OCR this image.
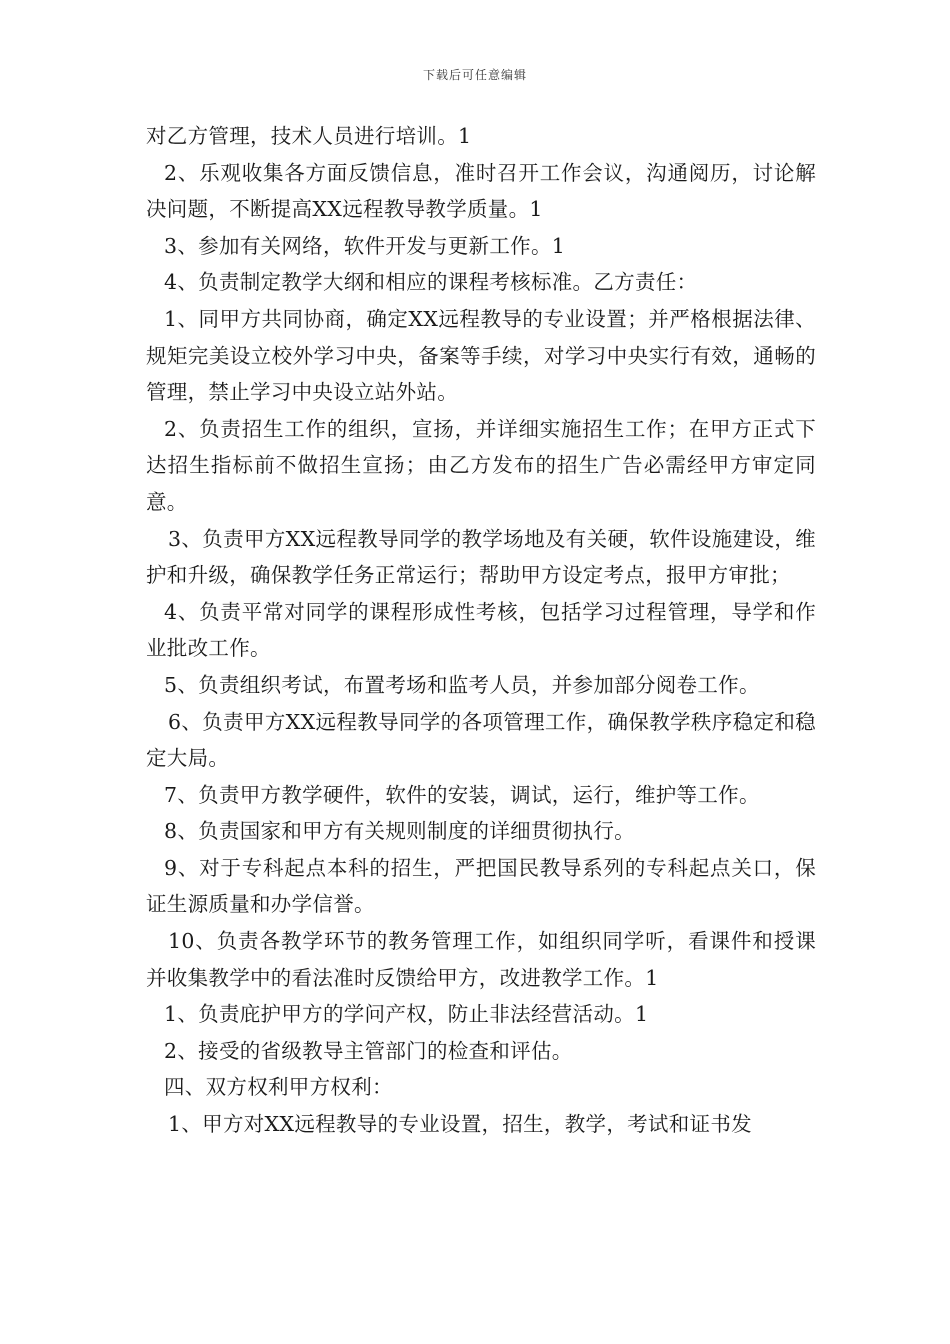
下载后可任意编辑

对乙方管理，技术人员进行培训。1

2、乐观收集各方面反馈信息，准时召开工作会议，沟通阅历，讨论解决问题，不断提高XX远程教导教学质量。1

3、参加有关网络，软件开发与更新工作。1

4、负责制定教学大纲和相应的课程考核标准。乙方责任：

1、同甲方共同协商，确定XX远程教导的专业设置；并严格根据法律、规矩完美设立校外学习中央，备案等手续，对学习中央实行有效，通畅的管理，禁止学习中央设立站外站。

2、负责招生工作的组织，宣扬，并详细实施招生工作；在甲方正式下达招生指标前不做招生宣扬；由乙方发布的招生广告必需经甲方审定同意。

3、负责甲方XX远程教导同学的教学场地及有关硬，软件设施建设，维护和升级，确保教学任务正常运行；帮助甲方设定考点，报甲方审批；

4、负责平常对同学的课程形成性考核，包括学习过程管理，导学和作业批改工作。

5、负责组织考试，布置考场和监考人员，并参加部分阅卷工作。

6、负责甲方XX远程教导同学的各项管理工作，确保教学秩序稳定和稳定大局。

7、负责甲方教学硬件，软件的安装，调试，运行，维护等工作。

8、负责国家和甲方有关规则制度的详细贯彻执行。

9、对于专科起点本科的招生，严把国民教导系列的专科起点关口，保证生源质量和办学信誉。

10、负责各教学环节的教务管理工作，如组织同学听，看课件和授课并收集教学中的看法准时反馈给甲方，改进教学工作。1

1、负责庇护甲方的学问产权，防止非法经营活动。1

2、接受的省级教导主管部门的检查和评估。

四、双方权利甲方权利：

1、甲方对XX远程教导的专业设置，招生，教学，考试和证书发
